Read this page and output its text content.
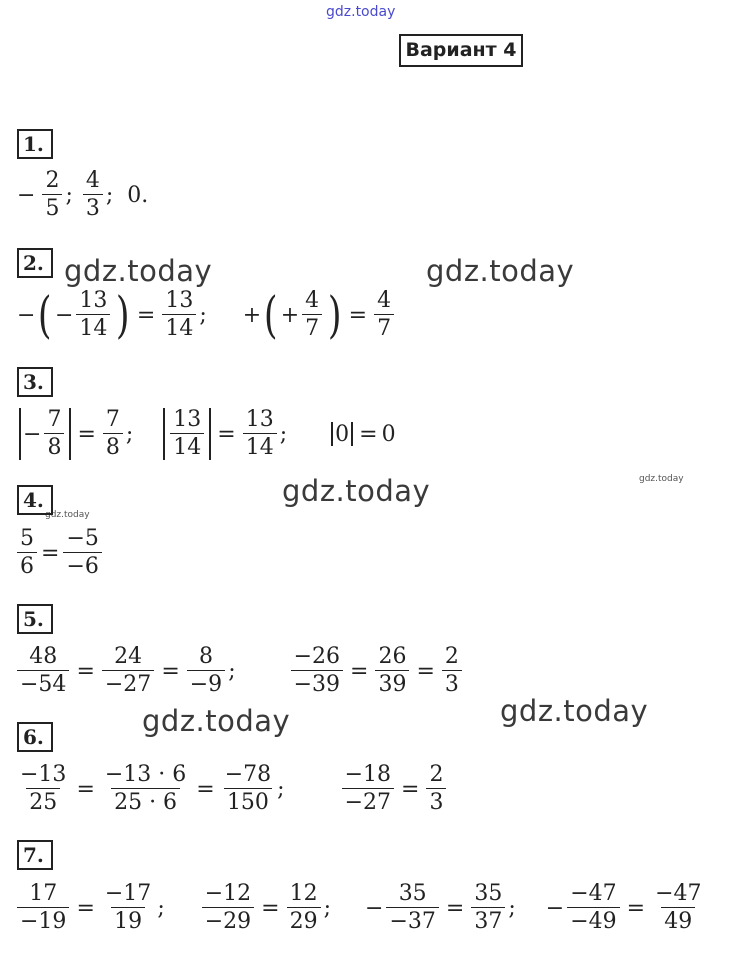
gdz.today
gdz.today	gdz.today
gdz.today
gdz.today	gdz.today
gdz.today
gdz.today
Вариант 4
1.
− $\frac{2}{5}$ ; $\frac{4}{3}$ ; 0.
2.
− ( − $\frac{13}{14}$ ) = $\frac{13}{14}$ ; + ( + $\frac{4}{7}$ ) = $\frac{4}{7}$
3.
− $\frac{7}{8} = \frac{7}{8}$ ; $\frac{13}{14} = \frac{13}{14}$ ; 0 = 0
4.
$\frac{5}{6} = \frac{-5}{-6}$
5.
$\frac{48}{-54} = \frac{24}{-27} = \frac{8}{-9}$ ;	$\frac{-26}{-39} = \frac{26}{39} = \frac{2}{3}$
6.
$\frac{-13}{25} = \frac{-13 \cdot 6}{25 \cdot 6} = \frac{-78}{150}$ ;	$\frac{-18}{-27} = \frac{2}{3}$
7.
$\frac{17}{-19} = \frac{-17}{19}$ ; $\frac{-12}{-29} = \frac{12}{29}$ ; − $\frac{35}{-37} = \frac{35}{37}$ ; − $\frac{-47}{-49} = \frac{-47}{49}$
